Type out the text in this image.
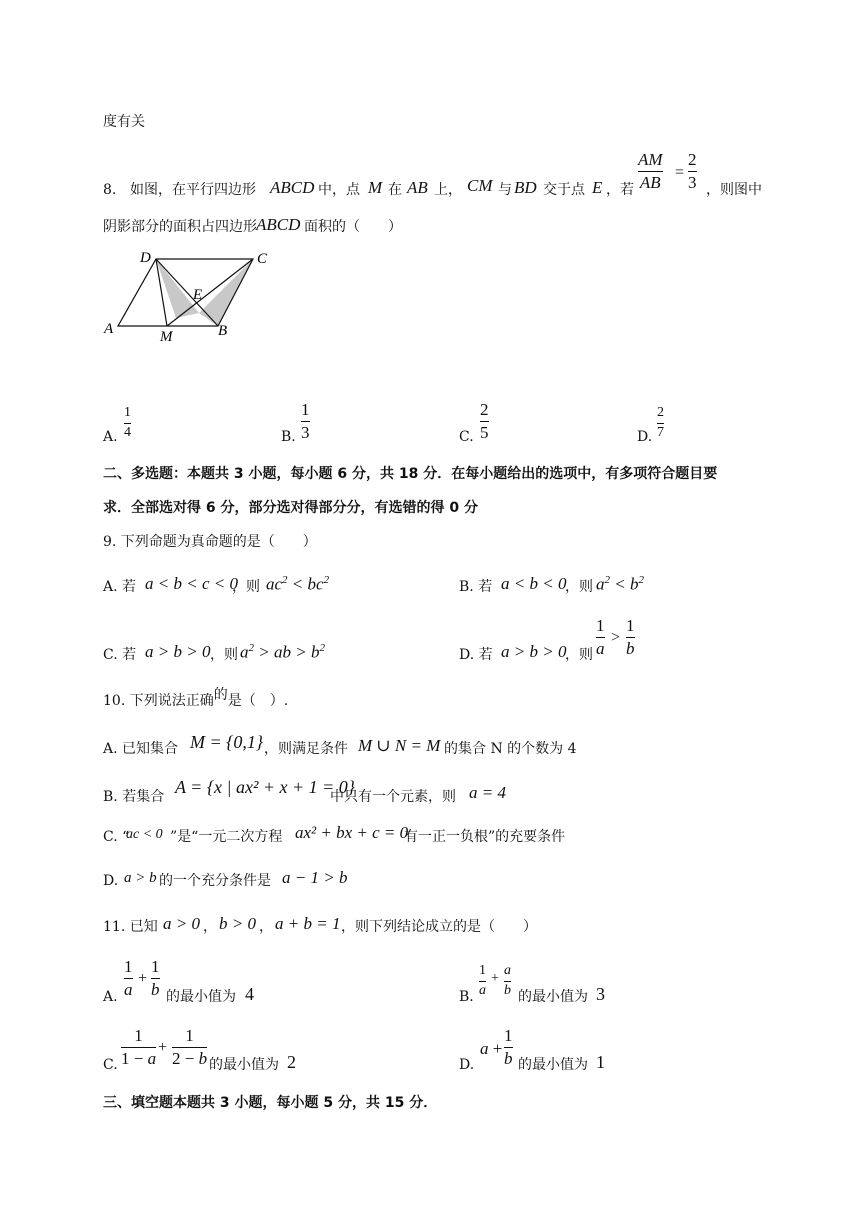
度有关
8. 如图，在平行四边形 ABCD 中，点 M 在 AB 上， CM 与 BD 交于点 E ，若
AM
AB
=
2
3 ，则图中
阴影部分的面积占四边形 ABCD 面积的（　　）
D	C
E
A	M	B
A.
1
4	B.
1
3	C.
2
5	D.
2
7
二、多选题：本题共 3 小题，每小题 6 分，共 18 分．在每小题给出的选项中，有多项符合题目要
求．全部选对得 6 分，部分选对得部分分，有选错的得 0 分
9. 下列命题为真命题的是（　　）
A. 若 a < b < c < 0
，则 $ac^2 < bc^2$	B. 若 a < b < 0
，则 $a^2 < b^2$
C. 若 a > b > 0 ，则 $a^2$ > ab > $b^2$	D. 若 a > b > 0
，则
1
a
>
1
b
10. 下列说法正确的是（　）.
A. 已知集合 M = {0,1} ，则满足条件 M ∪ N = M 的集合 N 的个数为 4
B. 若集合 A = {x | ax² + x + 1 = 0}
中只有一个元素，则 a = 4
C. “
ac < 0 ”是“一元二次方程 ax² + bx + c = 0
有一正一负根”的充要条件
D. a > b 的一个充分条件是 a − 1 > b
11. 已知 a > 0 ， b > 0 ， a + b = 1 ，则下列结论成立的是（　　）
A.
1
a
+
1
b 的最小值为 4	B.
1
a
+
a
b 的最小值为 3
C.
1
1 − a
+
1
2 − b 的最小值为 2	D.
a +
1
b 的最小值为 1
三、填空题本题共 3 小题，每小题 5 分，共 15 分．
